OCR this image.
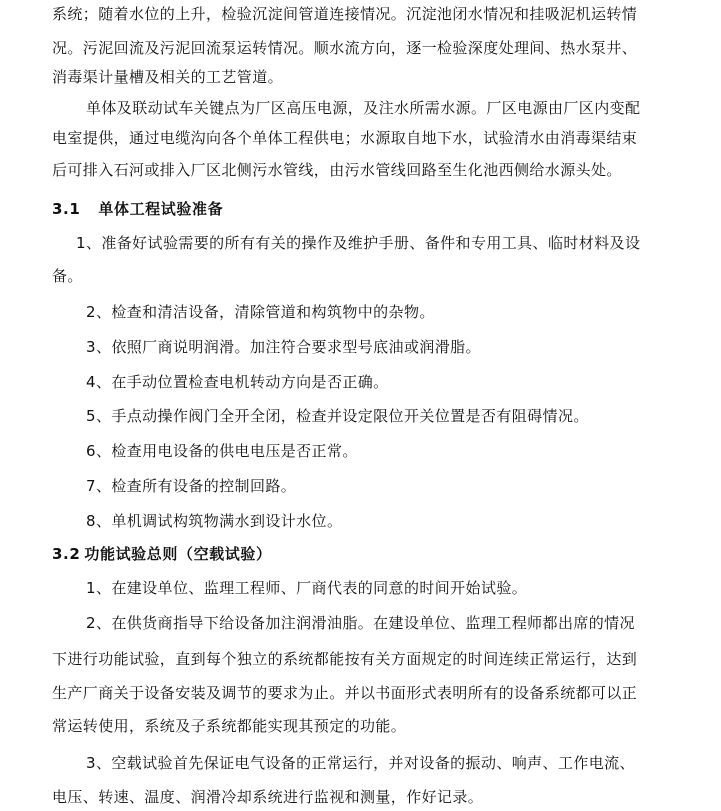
系统；随着水位的上升，检验沉淀间管道连接情况。沉淀池闭水情况和挂吸泥机运转情
况。污泥回流及污泥回流泵运转情况。顺水流方向，逐一检验深度处理间、热水泵井、
消毒渠计量槽及相关的工艺管道。
单体及联动试车关键点为厂区高压电源，及注水所需水源。厂区电源由厂区内变配
电室提供，通过电缆沟向各个单体工程供电；水源取自地下水，试验清水由消毒渠结束
后可排入石河或排入厂区北侧污水管线，由污水管线回路至生化池西侧给水源头处。
3.1 单体工程试验准备
1、准备好试验需要的所有有关的操作及维护手册、备件和专用工具、临时材料及设
备。
2、检查和清洁设备，清除管道和构筑物中的杂物。
3、依照厂商说明润滑。加注符合要求型号底油或润滑脂。
4、在手动位置检查电机转动方向是否正确。
5、手点动操作阀门全开全闭，检查并设定限位开关位置是否有阻碍情况。
6、检查用电设备的供电电压是否正常。
7、检查所有设备的控制回路。
8、单机调试构筑物满水到设计水位。
3.2 功能试验总则（空载试验）
1、在建设单位、监理工程师、厂商代表的同意的时间开始试验。
2、在供货商指导下给设备加注润滑油脂。在建设单位、监理工程师都出席的情况
下进行功能试验，直到每个独立的系统都能按有关方面规定的时间连续正常运行，达到
生产厂商关于设备安装及调节的要求为止。并以书面形式表明所有的设备系统都可以正
常运转使用，系统及子系统都能实现其预定的功能。
3、空载试验首先保证电气设备的正常运行，并对设备的振动、响声、工作电流、
电压、转速、温度、润滑冷却系统进行监视和测量，作好记录。
